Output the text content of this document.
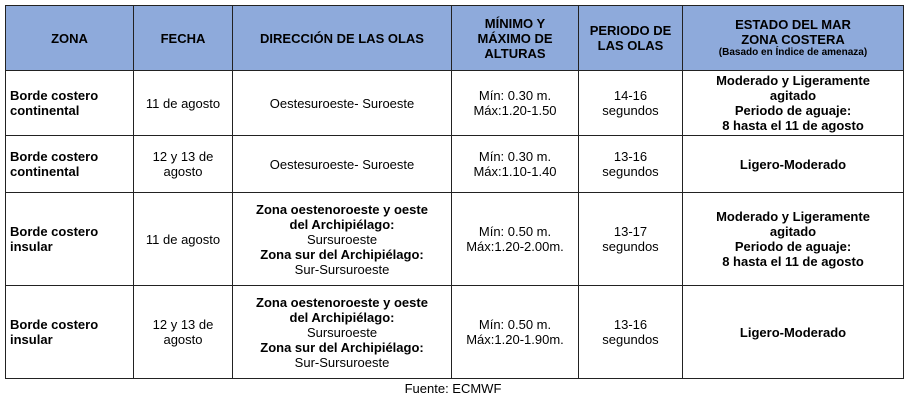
ZONA	FECHA	DIRECCIÓN DE LAS OLAS	MÍNIMO Y
MÁXIMO DE
ALTURAS	PERIODO DE
LAS OLAS	ESTADO DEL MAR
ZONA COSTERA
(Basado en Índice de amenaza)

Borde costero
continental	11 de agosto	Oestesuroeste- Suroeste	Mín: 0.30 m.
Máx:1.20-1.50	14-16
segundos	Moderado y Ligeramente
agitado
Periodo de aguaje:
8 hasta el 11 de agosto

Borde costero
continental	12 y 13 de
agosto	Oestesuroeste- Suroeste	Mín: 0.30 m.
Máx:1.10-1.40	13-16
segundos	Ligero-Moderado

Borde costero
insular	11 de agosto	Zona oestenoroeste y oeste
del Archipiélago:
Sursuroeste
Zona sur del Archipiélago:
Sur-Sursuroeste	Mín: 0.50 m.
Máx:1.20-2.00m.	13-17
segundos	Moderado y Ligeramente
agitado
Periodo de aguaje:
8 hasta el 11 de agosto

Borde costero
insular	12 y 13 de
agosto	Zona oestenoroeste y oeste
del Archipiélago:
Sursuroeste
Zona sur del Archipiélago:
Sur-Sursuroeste	Mín: 0.50 m.
Máx:1.20-1.90m.	13-16
segundos	Ligero-Moderado
Fuente: ECMWF
